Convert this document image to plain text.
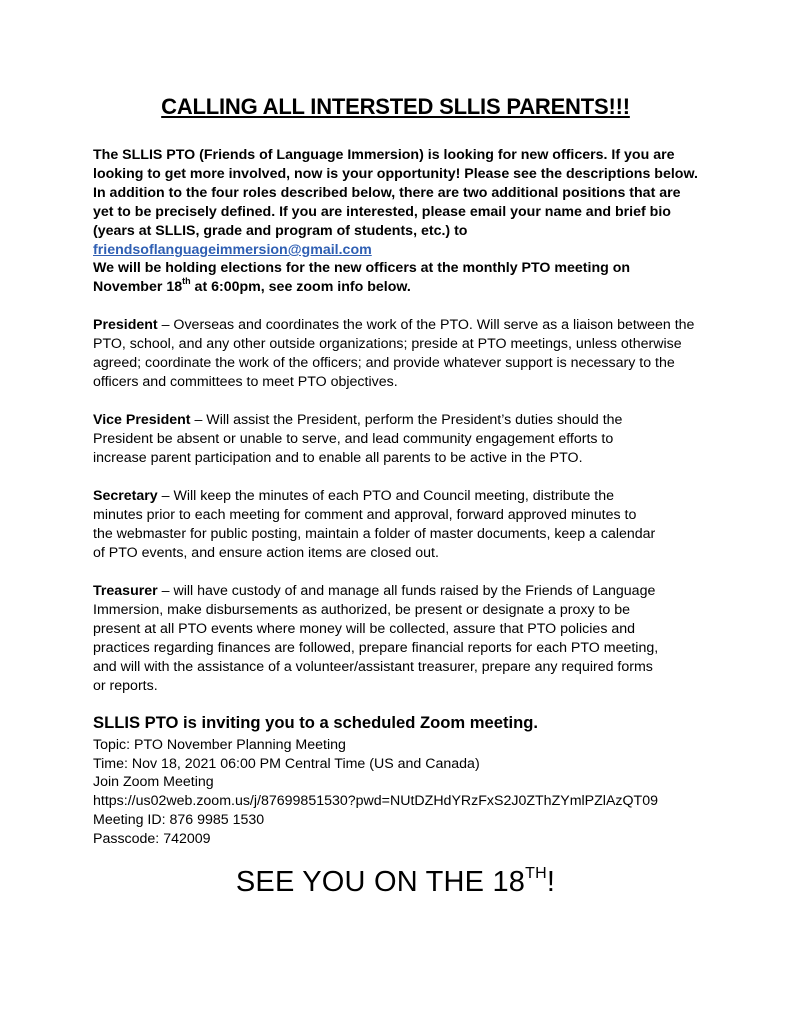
CALLING ALL INTERSTED SLLIS PARENTS!!!
The SLLIS PTO (Friends of Language Immersion) is looking for new officers. If you are looking to get more involved, now is your opportunity! Please see the descriptions below. In addition to the four roles described below, there are two additional positions that are yet to be precisely defined. If you are interested, please email your name and brief bio (years at SLLIS, grade and program of students, etc.) to friendsoflanguageimmersion@gmail.com
We will be holding elections for the new officers at the monthly PTO meeting on November 18th at 6:00pm, see zoom info below.
President – Overseas and coordinates the work of the PTO. Will serve as a liaison between the PTO, school, and any other outside organizations; preside at PTO meetings, unless otherwise agreed; coordinate the work of the officers; and provide whatever support is necessary to the officers and committees to meet PTO objectives.
Vice President – Will assist the President, perform the President’s duties should the President be absent or unable to serve, and lead community engagement efforts to increase parent participation and to enable all parents to be active in the PTO.
Secretary – Will keep the minutes of each PTO and Council meeting, distribute the minutes prior to each meeting for comment and approval, forward approved minutes to the webmaster for public posting, maintain a folder of master documents, keep a calendar of PTO events, and ensure action items are closed out.
Treasurer – will have custody of and manage all funds raised by the Friends of Language Immersion, make disbursements as authorized, be present or designate a proxy to be present at all PTO events where money will be collected, assure that PTO policies and practices regarding finances are followed, prepare financial reports for each PTO meeting, and will with the assistance of a volunteer/assistant treasurer, prepare any required forms or reports.
SLLIS PTO is inviting you to a scheduled Zoom meeting.
Topic: PTO November Planning Meeting
Time: Nov 18, 2021 06:00 PM Central Time (US and Canada)
Join Zoom Meeting
https://us02web.zoom.us/j/87699851530?pwd=NUtDZHdYRzFxS2J0ZThZYmlPZlAzQT09
Meeting ID: 876 9985 1530
Passcode: 742009
SEE YOU ON THE 18TH!
